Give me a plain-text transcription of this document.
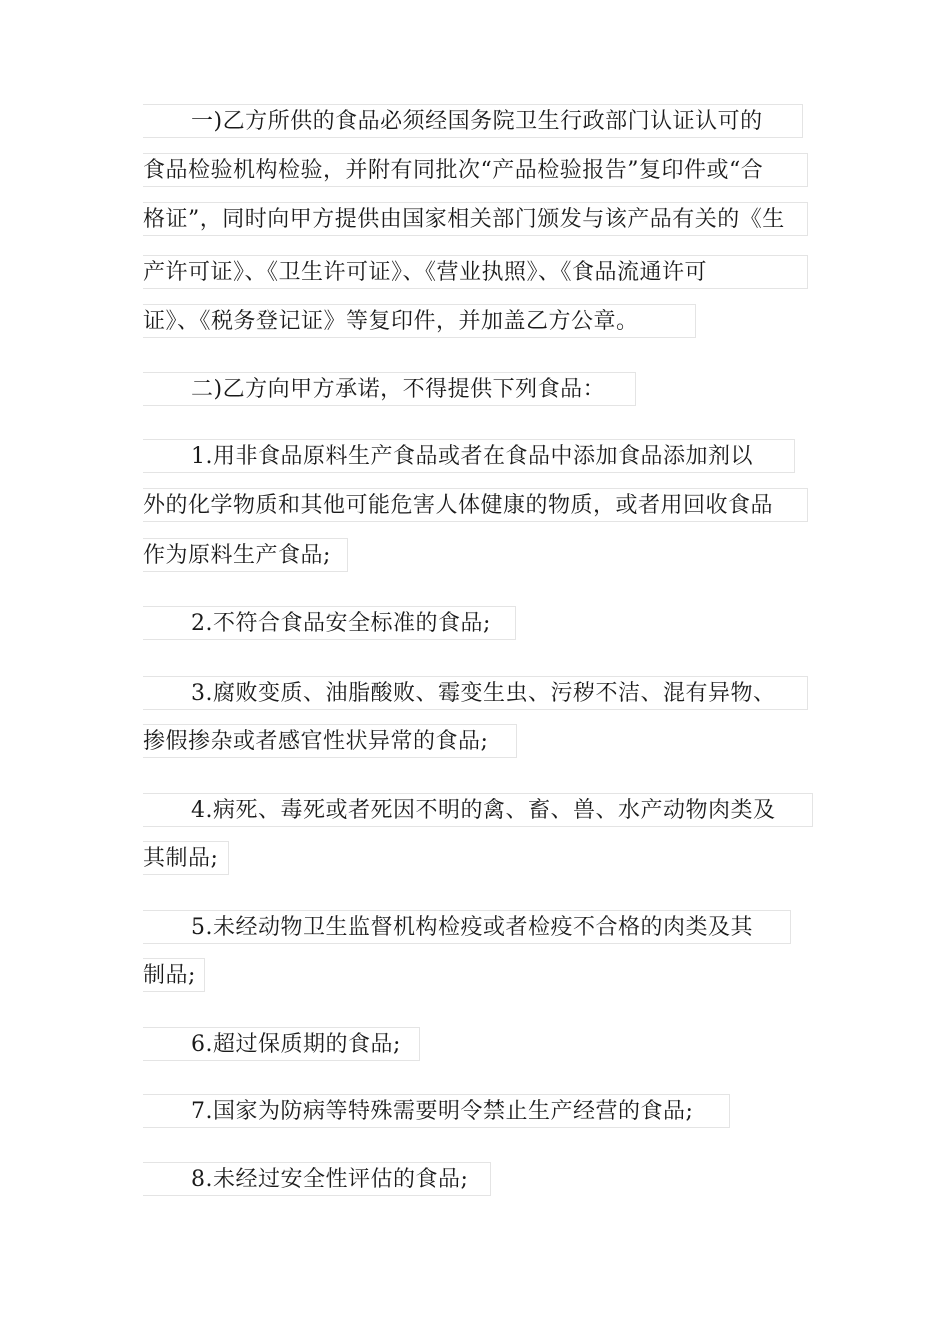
一)乙方所供的食品必须经国务院卫生行政部门认证认可的
食品检验机构检验，并附有同批次“产品检验报告”复印件或“合
格证”，同时向甲方提供由国家相关部门颁发与该产品有关的《生
产许可证》、《卫生许可证》、《营业执照》、《食品流通许可
证》、《税务登记证》等复印件，并加盖乙方公章。
二)乙方向甲方承诺，不得提供下列食品：
1.用非食品原料生产食品或者在食品中添加食品添加剂以
外的化学物质和其他可能危害人体健康的物质，或者用回收食品
作为原料生产食品;
2.不符合食品安全标准的食品;
3.腐败变质、油脂酸败、霉变生虫、污秽不洁、混有异物、
掺假掺杂或者感官性状异常的食品;
4.病死、毒死或者死因不明的禽、畜、兽、水产动物肉类及
其制品;
5.未经动物卫生监督机构检疫或者检疫不合格的肉类及其
制品;
6.超过保质期的食品;
7.国家为防病等特殊需要明令禁止生产经营的食品;
8.未经过安全性评估的食品;
